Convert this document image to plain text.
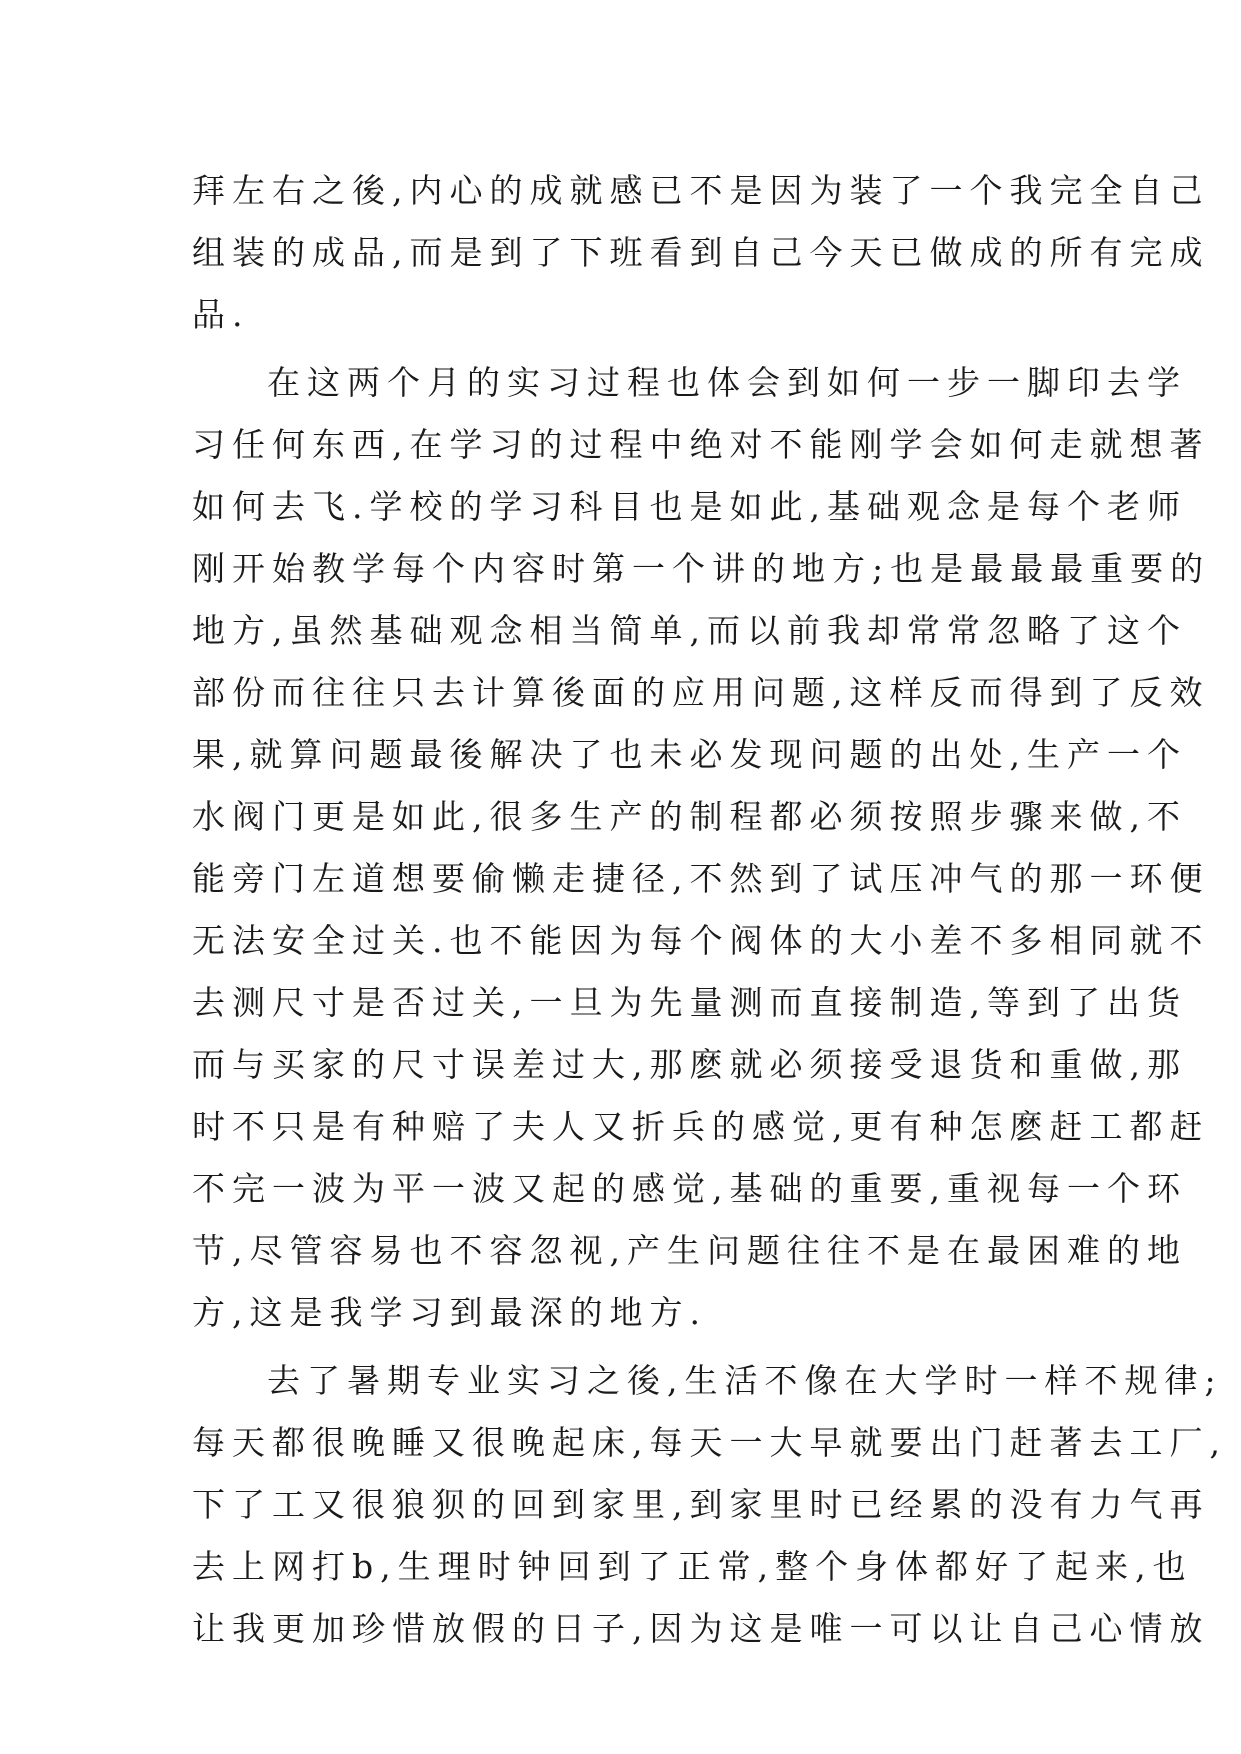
拜左右之後,内心的成就感已不是因为装了一个我完全自己
组装的成品,而是到了下班看到自己今天已做成的所有完成
品.
在这两个月的实习过程也体会到如何一步一脚印去学
习任何东西,在学习的过程中绝对不能刚学会如何走就想著
如何去飞.学校的学习科目也是如此,基础观念是每个老师
刚开始教学每个内容时第一个讲的地方;也是最最最重要的
地方,虽然基础观念相当简单,而以前我却常常忽略了这个
部份而往往只去计算後面的应用问题,这样反而得到了反效
果,就算问题最後解决了也未必发现问题的出处,生产一个
水阀门更是如此,很多生产的制程都必须按照步骤来做,不
能旁门左道想要偷懒走捷径,不然到了试压冲气的那一环便
无法安全过关.也不能因为每个阀体的大小差不多相同就不
去测尺寸是否过关,一旦为先量测而直接制造,等到了出货
而与买家的尺寸误差过大,那麽就必须接受退货和重做,那
时不只是有种赔了夫人又折兵的感觉,更有种怎麽赶工都赶
不完一波为平一波又起的感觉,基础的重要,重视每一个环
节,尽管容易也不容忽视,产生问题往往不是在最困难的地
方,这是我学习到最深的地方.
去了暑期专业实习之後,生活不像在大学时一样不规律;
每天都很晚睡又很晚起床,每天一大早就要出门赶著去工厂,
下了工又很狼狈的回到家里,到家里时已经累的没有力气再
去上网打b,生理时钟回到了正常,整个身体都好了起来,也
让我更加珍惜放假的日子,因为这是唯一可以让自己心情放
